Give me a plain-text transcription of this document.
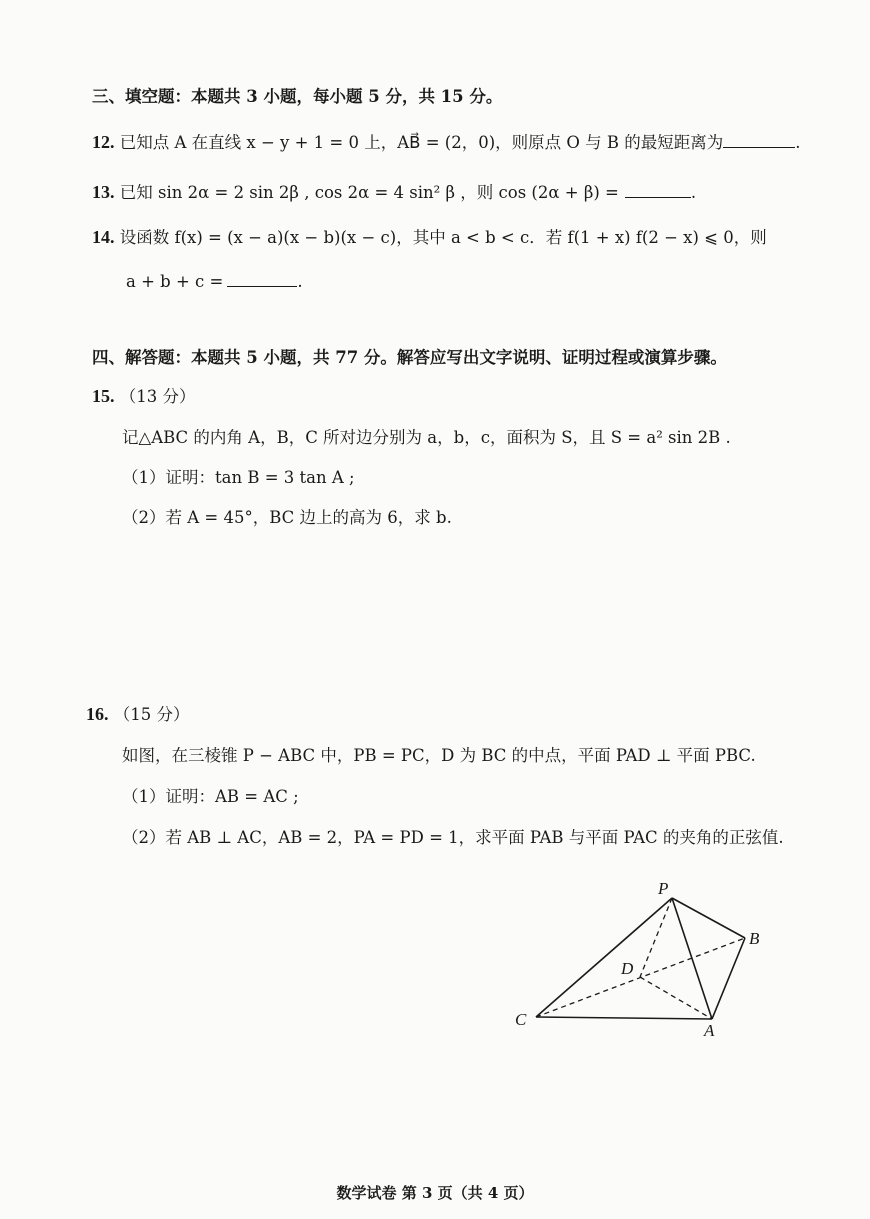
三、填空题：本题共 3 小题，每小题 5 分，共 15 分。
12. 已知点 A 在直线 x − y + 1 = 0 上，AB⃗ = (2，0)，则原点 O 与 B 的最短距离为	.
13. 已知 sin 2α = 2 sin 2β , cos 2α = 4 sin² β ，则 cos (2α + β) =	.
14. 设函数 f(x) = (x − a)(x − b)(x − c)，其中 a < b < c．若 f(1 + x) f(2 − x) ⩽ 0，则
a + b + c =	.
四、解答题：本题共 5 小题，共 77 分。解答应写出文字说明、证明过程或演算步骤。
15. （13 分）
记△ABC 的内角 A，B，C 所对边分别为 a，b，c，面积为 S，且 S = a² sin 2B .
（1）证明：tan B = 3 tan A ;
（2）若 A = 45°，BC 边上的高为 6，求 b.
16. （15 分）
如图，在三棱锥 P − ABC 中，PB = PC，D 为 BC 的中点，平面 PAD ⊥ 平面 PBC.
（1）证明：AB = AC ;
（2）若 AB ⊥ AC，AB = 2，PA = PD = 1，求平面 PAB 与平面 PAC 的夹角的正弦值.
P
B
D
C
A
数学试卷 第 3 页（共 4 页）
